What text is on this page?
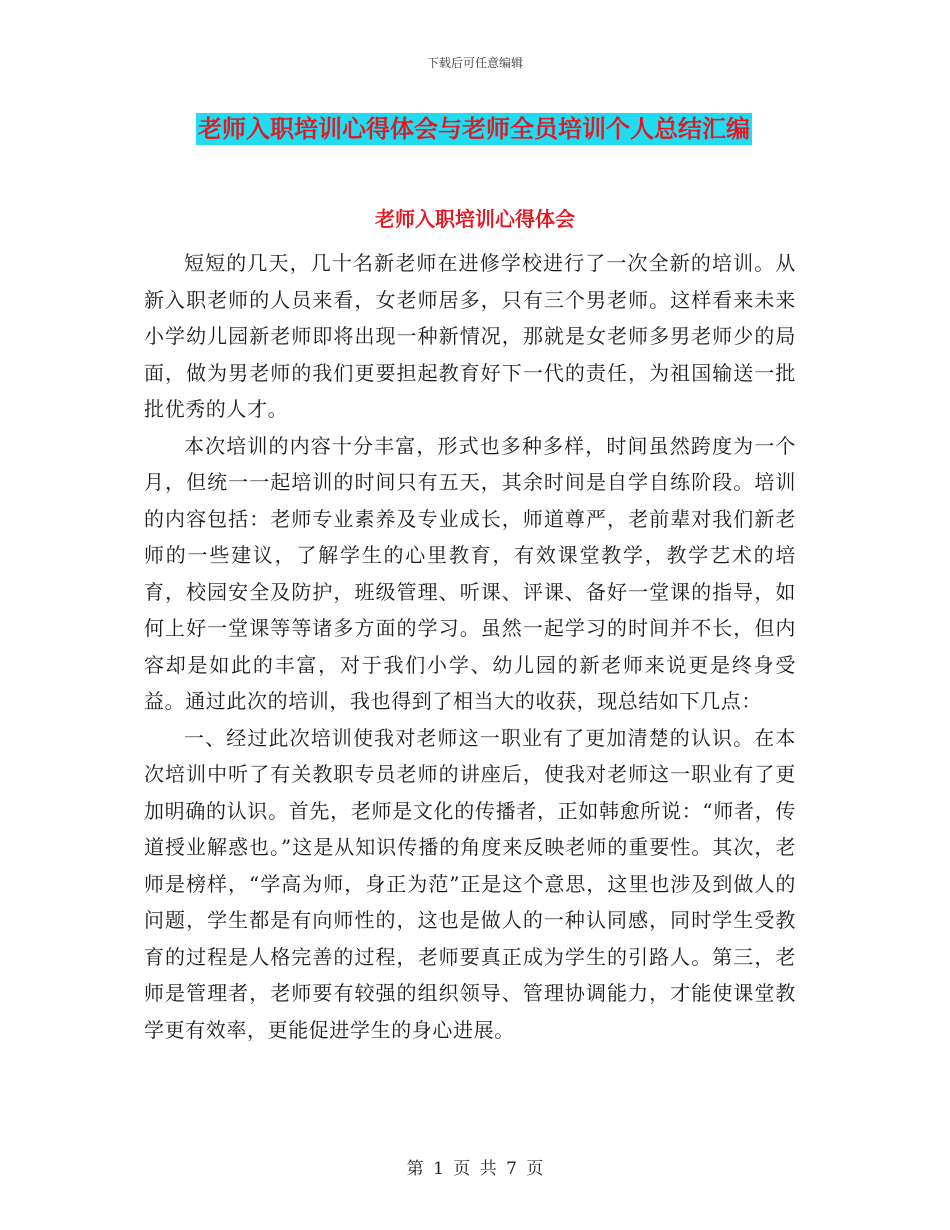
下载后可任意编辑
老师入职培训心得体会与老师全员培训个人总结汇编
老师入职培训心得体会

短短的几天，几十名新老师在进修学校进行了一次全新的培训。从新入职老师的人员来看，女老师居多，只有三个男老师。这样看来未来小学幼儿园新老师即将出现一种新情况，那就是女老师多男老师少的局面，做为男老师的我们更要担起教育好下一代的责任，为祖国输送一批批优秀的人才。

本次培训的内容十分丰富，形式也多种多样，时间虽然跨度为一个月，但统一一起培训的时间只有五天，其余时间是自学自练阶段。培训的内容包括：老师专业素养及专业成长，师道尊严，老前辈对我们新老师的一些建议，了解学生的心里教育，有效课堂教学，教学艺术的培育，校园安全及防护，班级管理、听课、评课、备好一堂课的指导，如何上好一堂课等等诸多方面的学习。虽然一起学习的时间并不长，但内容却是如此的丰富，对于我们小学、幼儿园的新老师来说更是终身受益。通过此次的培训，我也得到了相当大的收获，现总结如下几点：

一、经过此次培训使我对老师这一职业有了更加清楚的认识。在本次培训中听了有关教职专员老师的讲座后，使我对老师这一职业有了更加明确的认识。首先，老师是文化的传播者，正如韩愈所说：“师者，传道授业解惑也。”这是从知识传播的角度来反映老师的重要性。其次，老师是榜样，“学高为师，身正为范”正是这个意思，这里也涉及到做人的问题，学生都是有向师性的，这也是做人的一种认同感，同时学生受教育的过程是人格完善的过程，老师要真正成为学生的引路人。第三，老师是管理者，老师要有较强的组织领导、管理协调能力，才能使课堂教学更有效率，更能促进学生的身心进展。

第 1 页 共 7 页
